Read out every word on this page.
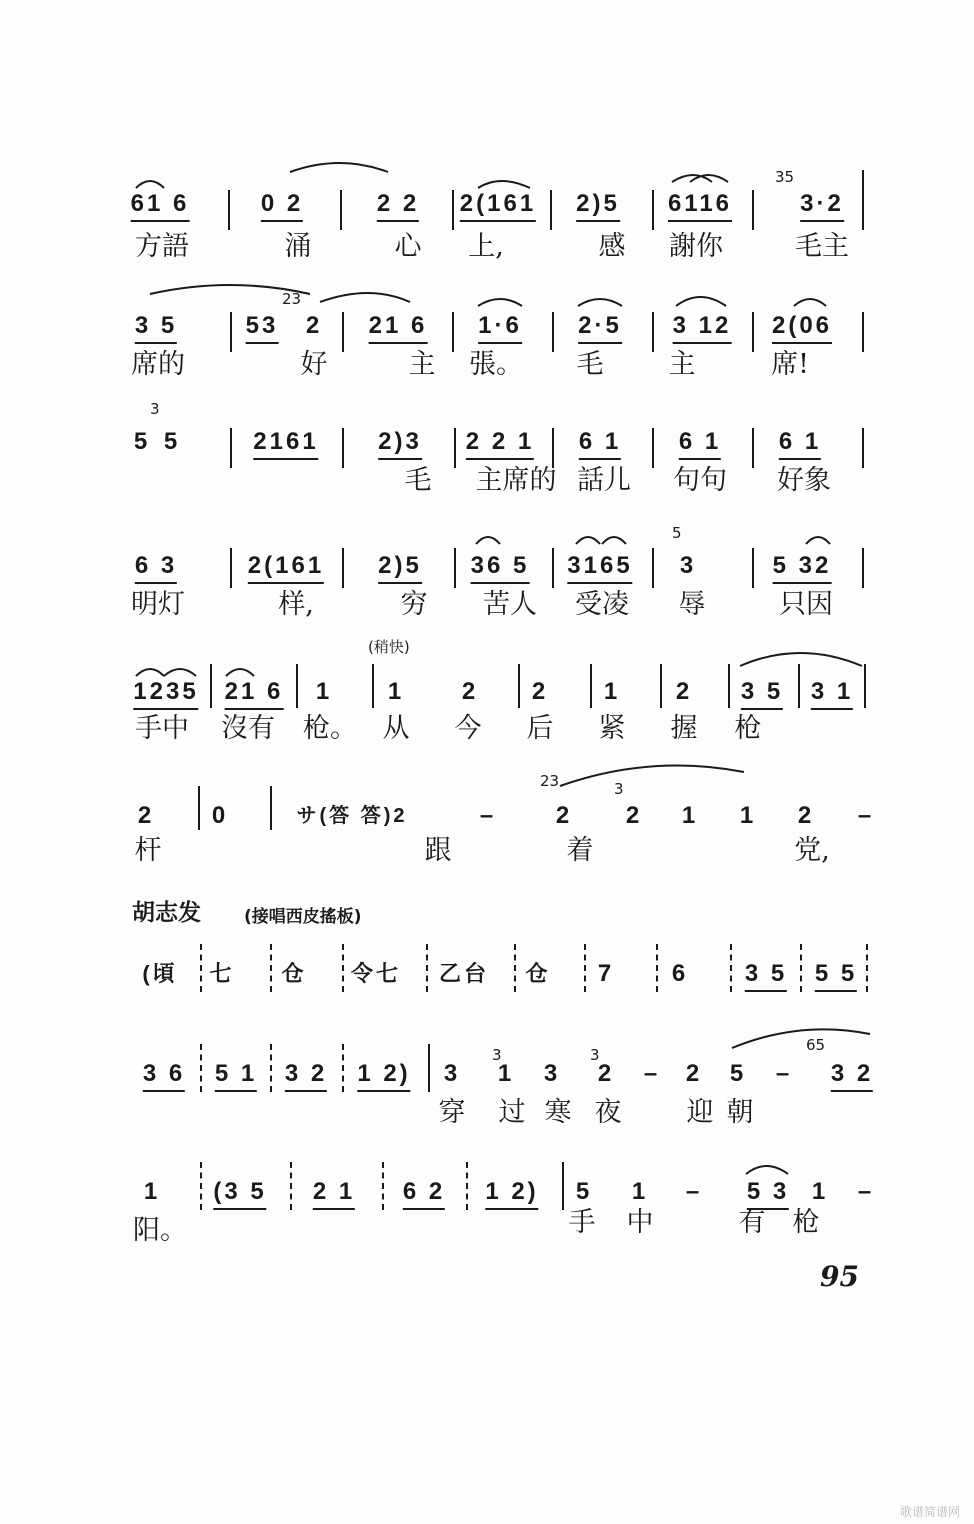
35
61 6	0 2	2 2 2(161 2)5 6116	3·2
方語	涌	心 上,	感 謝你	毛主
23
3 5	53 2 21 6 1·6 2·5 3 12 2(06
席的	好	主 張。 毛 主	席!
3
5 5	2161 2)3 2 2 1 6 1 6 1 6 1
毛 主席的 話儿 句句 好象
5
6 3	2(161 2)5 36 5 3165 3	5 32
明灯	样,	穷 苦人 受凌 辱	只因
(稍快)
1235 21 6 1 1 2 2 1 2 3 5 3 1
手中 沒有 枪。 从 今 后 紧 握 枪
23	3
2 0	サ(答 答)2	– 2 2 1 1 2 –
杆	跟	着	党,
胡志发	(接唱西皮搖板)
(頃 七 仓 令七 乙台 仓 7 6 3 5 5 5
3	3
65
3 6 5 1 3 2 1 2) 3 1 3 2 – 2 5 – 3 2
穿 过 寒 夜 迎 朝
1 (3 5 2 1 6 2 1 2) 5 1 – 5 3 1 –
阳。	手 中	有 枪
95
歌谱简谱网
